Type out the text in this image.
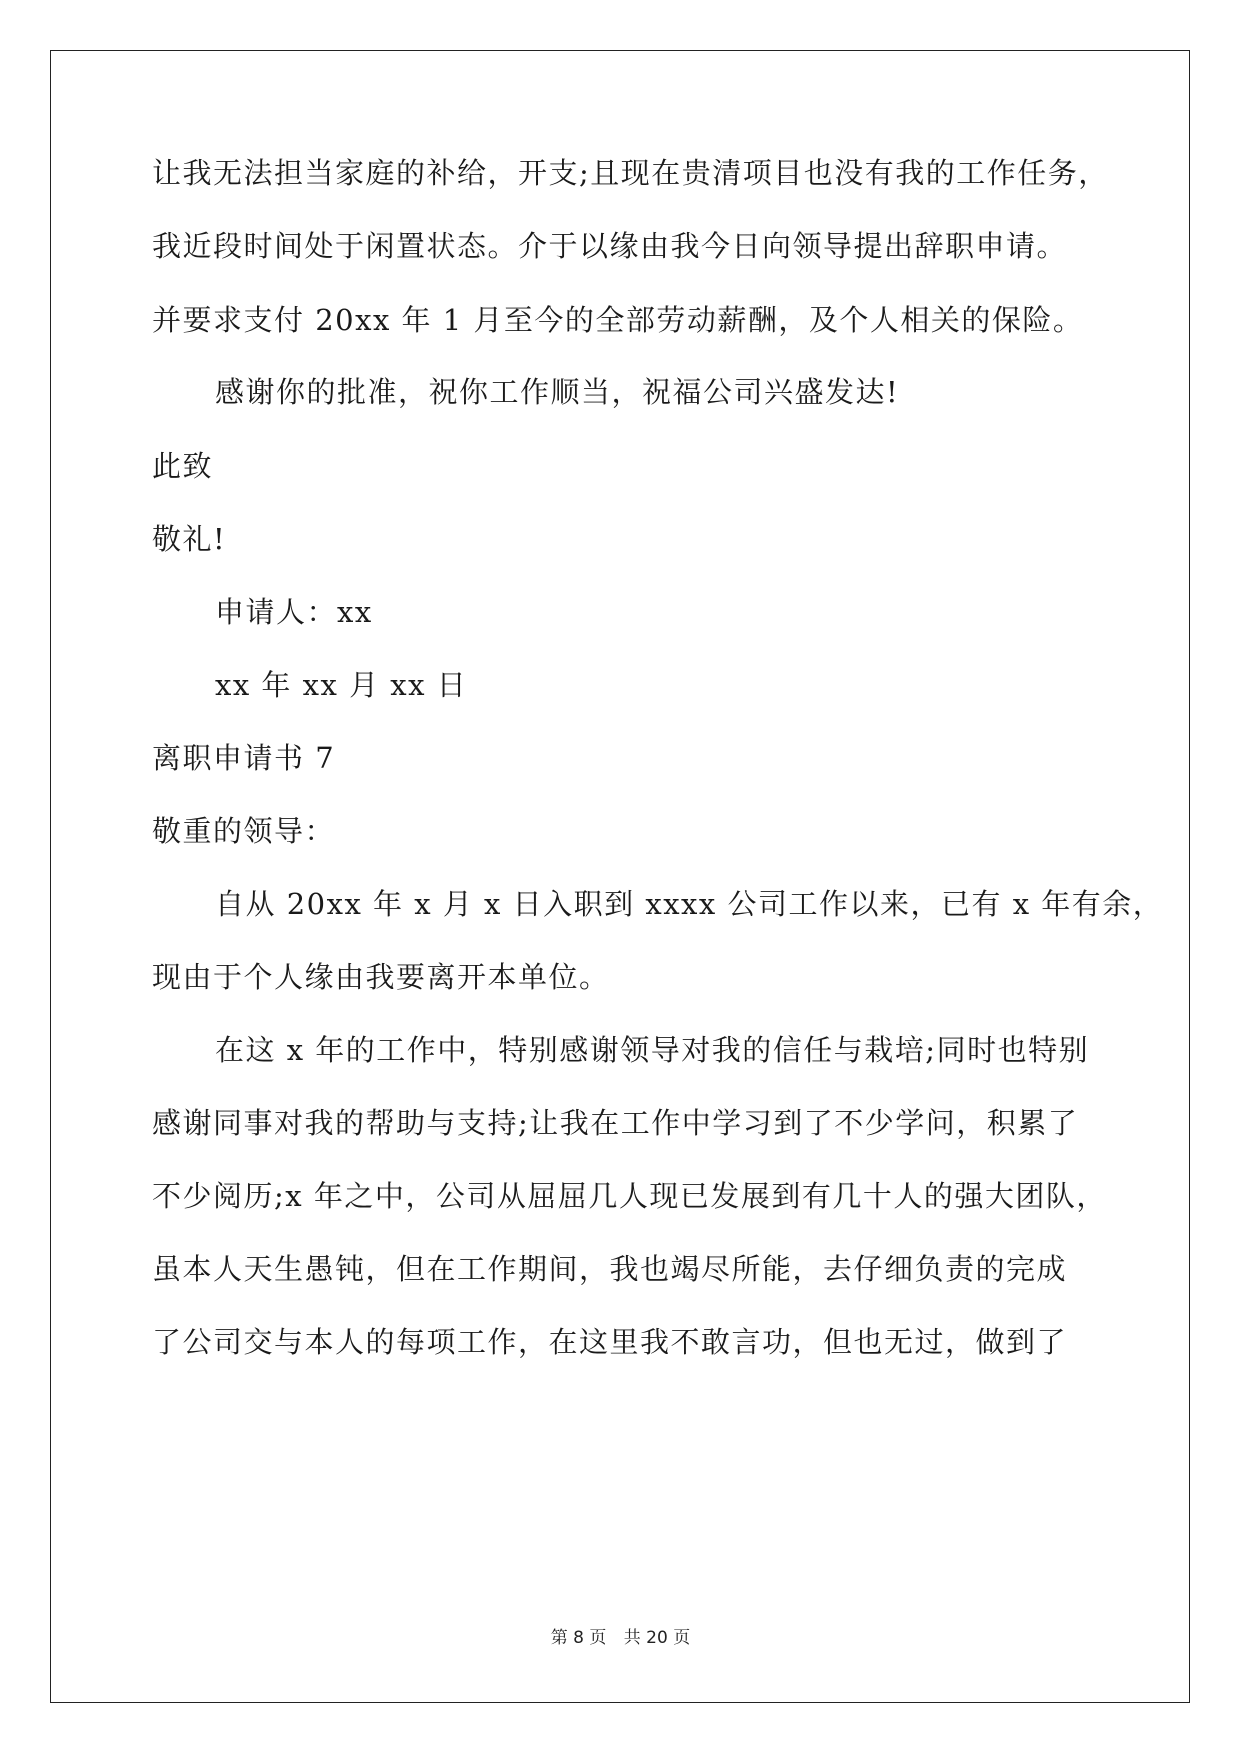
让我无法担当家庭的补给，开支;且现在贵清项目也没有我的工作任务，
我近段时间处于闲置状态。介于以缘由我今日向领导提出辞职申请。
并要求支付 20xx 年 1 月至今的全部劳动薪酬，及个人相关的保险。
感谢你的批准，祝你工作顺当，祝福公司兴盛发达!
此致
敬礼!
申请人：xx
xx 年 xx 月 xx 日
离职申请书 7
敬重的领导：
自从 20xx 年 x 月 x 日入职到 xxxx 公司工作以来，已有 x 年有余，
现由于个人缘由我要离开本单位。
在这 x 年的工作中，特别感谢领导对我的信任与栽培;同时也特别
感谢同事对我的帮助与支持;让我在工作中学习到了不少学问，积累了
不少阅历;x 年之中，公司从屈屈几人现已发展到有几十人的强大团队，
虽本人天生愚钝，但在工作期间，我也竭尽所能，去仔细负责的完成
了公司交与本人的每项工作，在这里我不敢言功，但也无过，做到了
第 8 页 共 20 页
